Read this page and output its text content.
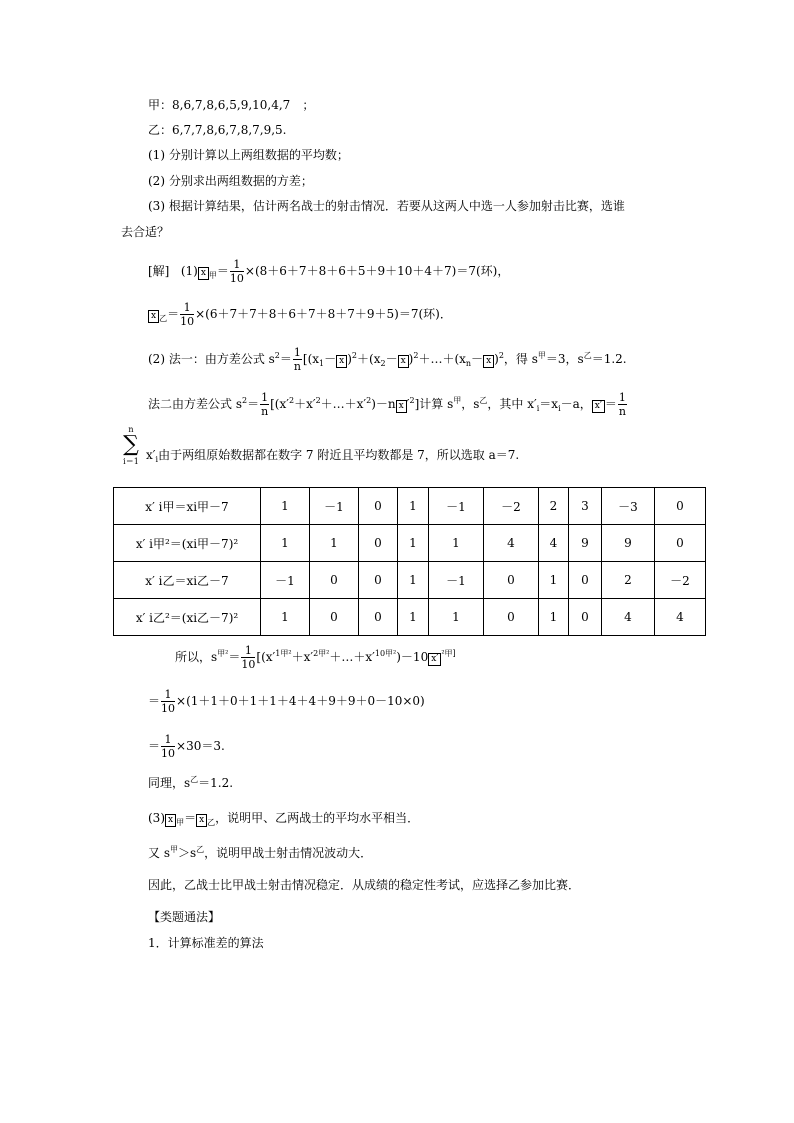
甲：8,6,7,8,6,5,9,10,4,7　；
乙：6,7,7,8,6,7,8,7,9,5.
(1) 分别计算以上两组数据的平均数；
(2) 分别求出两组数据的方差；
(3) 根据计算结果，估计两名战士的射击情况．若要从这两人中选一人参加射击比赛，选谁
去合适？
[解] (1) x $_甲= \frac{1}{10} \times(8+6+7+8+6+5+9+10+4+7)=7$(环)，
x $_乙= \frac{1}{10} \times(6+7+7+8+6+7+8+7+9+5)=7$(环)．
(2) 法一：由方差公式 $s^2= \frac{1}{n} [(x_1- x$ )$^2+(x_2- x$ )$^2+\dots+(x_n- x$ )$^2$，得 $s^甲=3$，$s^乙=1.2$.
法二由方差公式 $s^2= \frac{1}{n}$ [$(x'^2+x'^2+\dots+x'^2)-n$ x $'^2$]计算 $s^甲$，$s^乙$，其中 $x'_i=x_i-a$， $x' = \frac{1}{n}$
n
∑
i＝1 $x'_i$由于两组原始数据都在数字 7 附近且平均数都是 7，所以选取 a＝7.
x′ i甲＝xi甲－7	1	－1	0	1	－1	－2	2	3	－3	0
x′ i甲²＝(xi甲－7)²	1	1	0	1	1	4	4	9	9	0
x′ i乙＝xi乙－7	－1	0	0	1	－1	0	1	0	2	－2
x′ i乙²＝(xi乙－7)²	1	0	0	1	1	0	1	0	4	4
所以，$s^{甲^2}= \frac{1}{10}$ [$(x'^{1甲^2}+x'^{2甲^2}+\dots+x'^{10甲^2})-10$ $x'^{^2甲]}$
＝ $\frac{1}{10} \times(1+1+0+1+1+4+4+9+9+0-10\times 0)$
＝ $\frac{1}{10} \times 30=3$.
同理，$s^乙=1.2$.
(3) x $_甲$＝ x $_乙$，说明甲、乙两战士的平均水平相当．
又 $s^甲>s^乙$，说明甲战士射击情况波动大．
因此，乙战士比甲战士射击情况稳定．从成绩的稳定性考试，应选择乙参加比赛．
【类题通法】
1．计算标准差的算法
